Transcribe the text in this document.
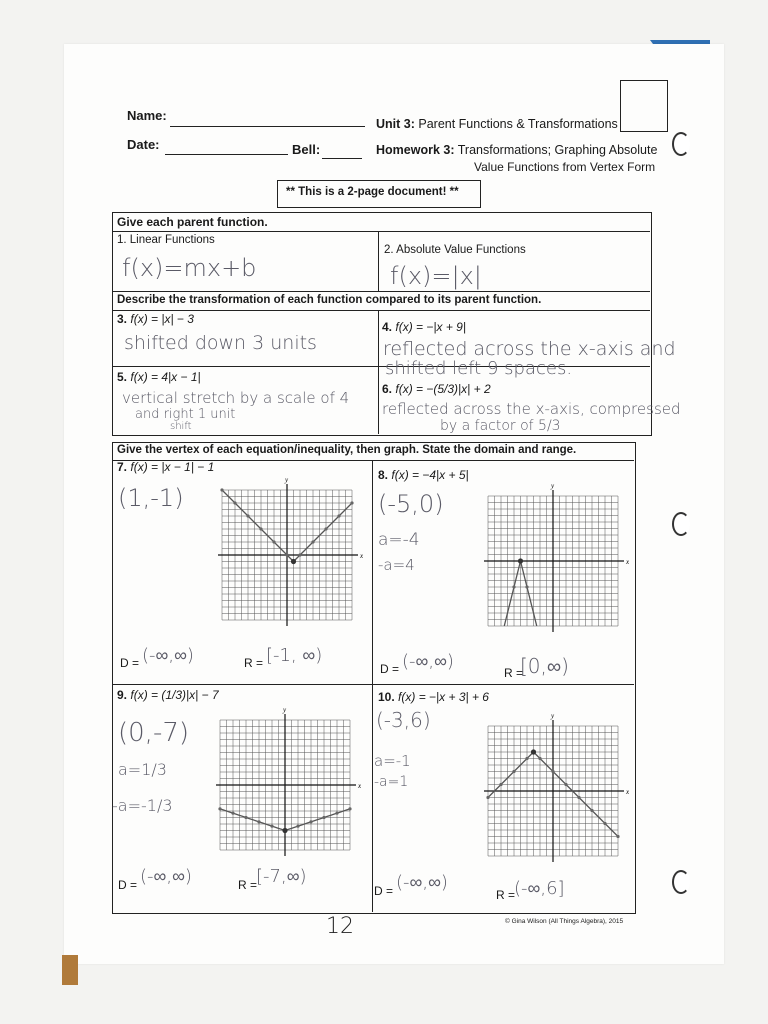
Name:
Date:	Bell:
Unit 3: Parent Functions & Transformations
Homework 3: Transformations; Graphing Absolute
Value Functions from Vertex Form
** This is a 2-page document! **
Give each parent function.
1. Linear Functions
f(x)=mx+b
2. Absolute Value Functions
f(x)=|x|
Describe the transformation of each function compared to its parent function.
3. f(x) = |x| − 3
shifted down 3 units
4. f(x) = −|x + 9|
reflected across the x-axis and
shifted left 9 spaces.
5. f(x) = 4|x − 1|
vertical stretch by a scale of 4
and right 1 unit
shift
6. f(x) = −(5/3)|x| + 2
reflected across the x-axis, compressed
by a factor of 5/3
Give the vertex of each equation/inequality, then graph. State the domain and range.
7. f(x) = |x − 1| − 1
(1,-1)
x
y
D = (-∞,∞)	R = [-1, ∞)
8. f(x) = −4|x + 5|
(-5,0)
a=-4
-a=4	x
y
D = (-∞,∞)
R =
[0,∞)
9. f(x) = (1/3)|x| − 7
(0,-7)
a=1/3
-a=-1/3
x
y
D = (-∞,∞)	R =
[-7,∞)
10. f(x) = −|x + 3| + 6
(-3,6)
a=-1
-a=1
x
y
D = (-∞,∞)
R =
(-∞,6]
© Gina Wilson (All Things Algebra), 2015
12
